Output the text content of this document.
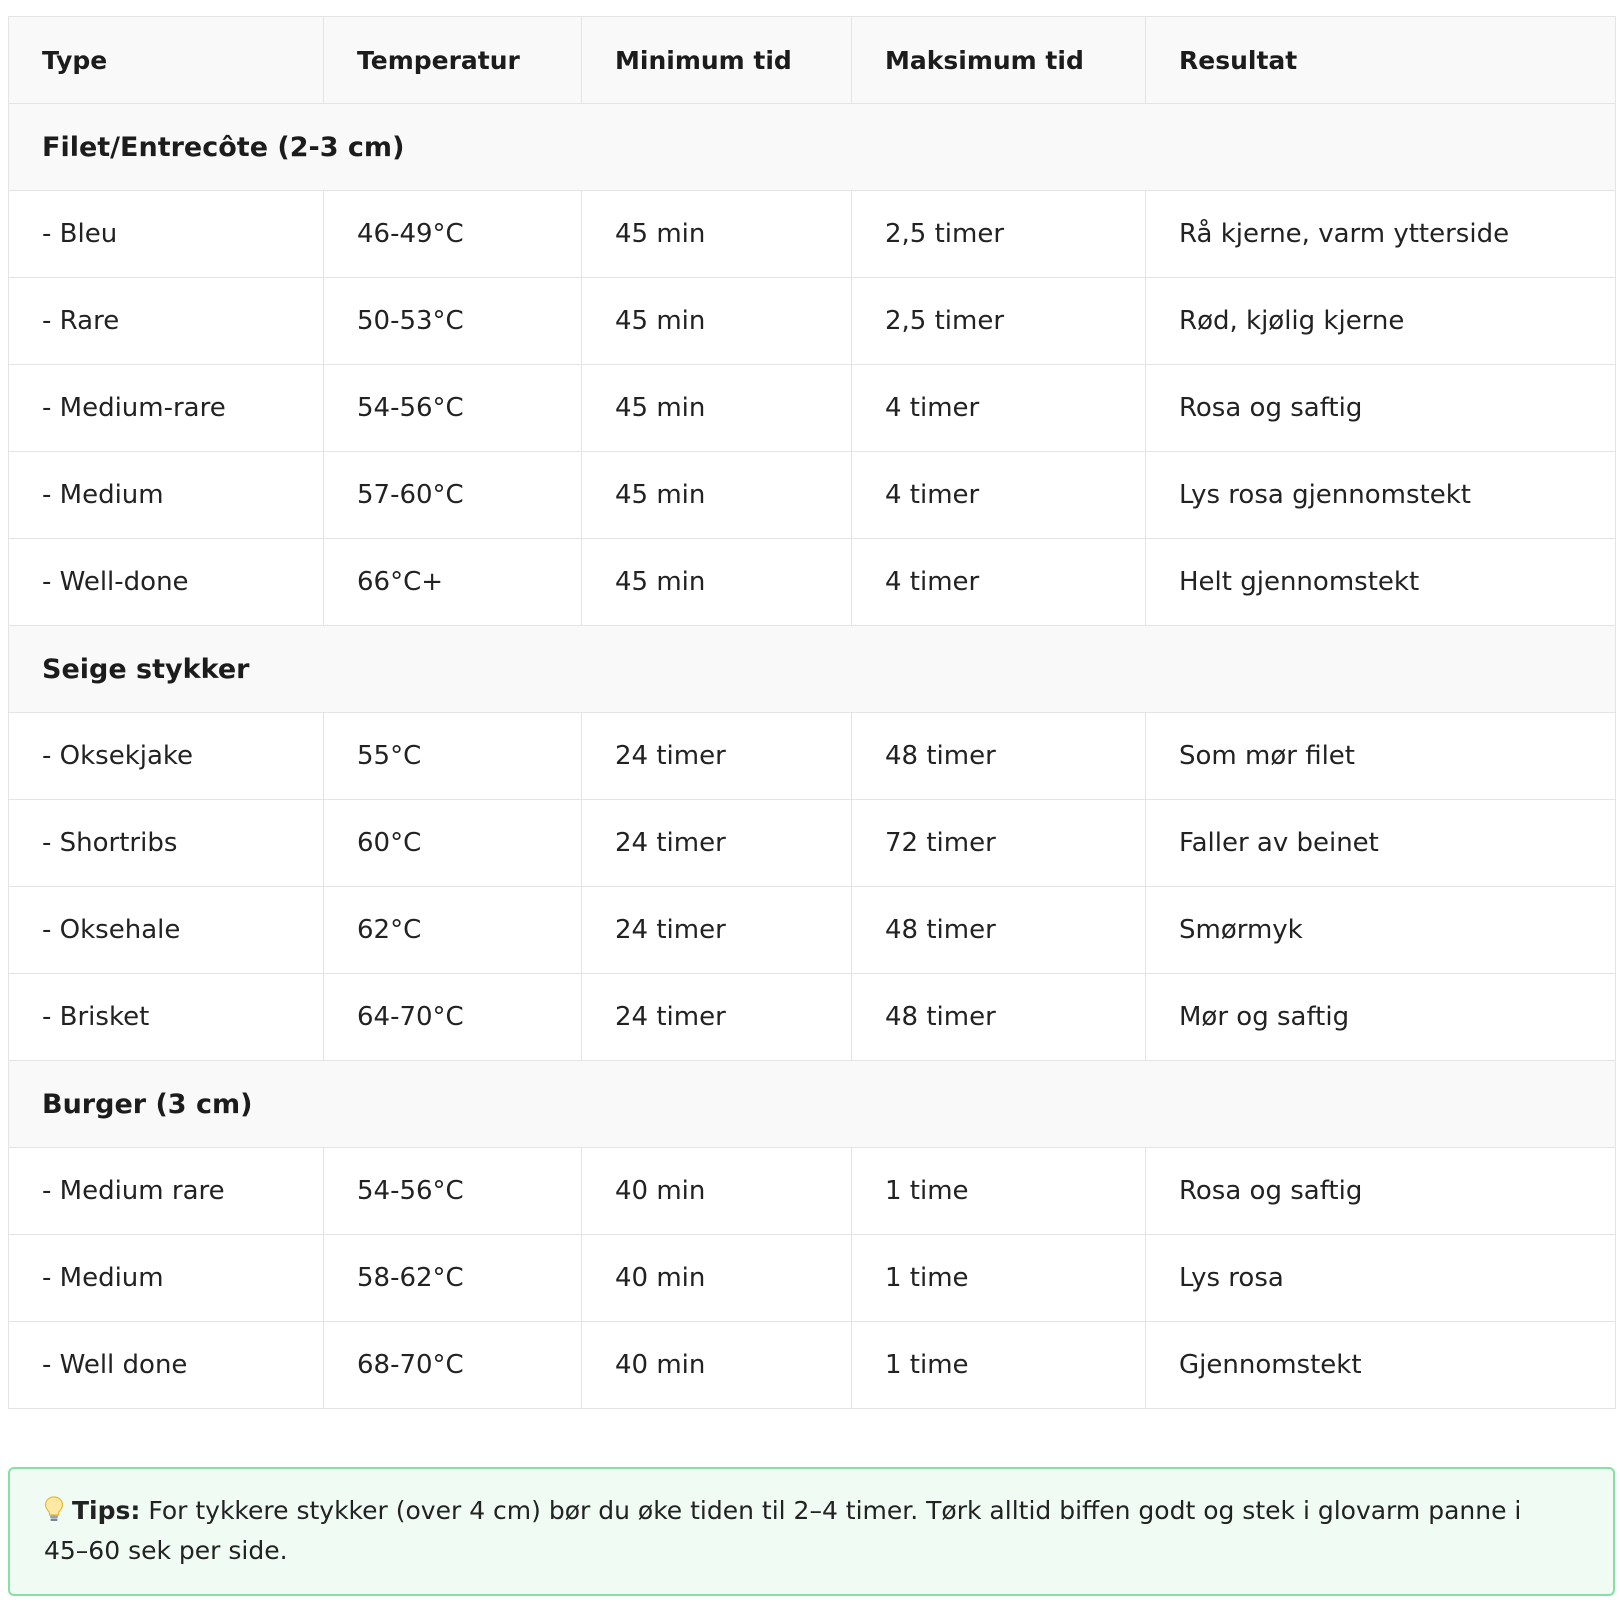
Type	Temperatur	Minimum tid	Maksimum tid	Resultat
Filet/Entrecôte (2-3 cm)				
- Bleu	46-49°C	45 min	2,5 timer	Rå kjerne, varm ytterside
- Rare	50-53°C	45 min	2,5 timer	Rød, kjølig kjerne
- Medium-rare	54-56°C	45 min	4 timer	Rosa og saftig
- Medium	57-60°C	45 min	4 timer	Lys rosa gjennomstekt
- Well-done	66°C+	45 min	4 timer	Helt gjennomstekt
Seige stykker				
- Oksekjake	55°C	24 timer	48 timer	Som mør filet
- Shortribs	60°C	24 timer	72 timer	Faller av beinet
- Oksehale	62°C	24 timer	48 timer	Smørmyk
- Brisket	64-70°C	24 timer	48 timer	Mør og saftig
Burger (3 cm)				
- Medium rare	54-56°C	40 min	1 time	Rosa og saftig
- Medium	58-62°C	40 min	1 time	Lys rosa
- Well done	68-70°C	40 min	1 time	Gjennomstekt
Tips: For tykkere stykker (over 4 cm) bør du øke tiden til 2–4 timer. Tørk alltid biffen godt og stek i glovarm panne i 45–60 sek per side.
